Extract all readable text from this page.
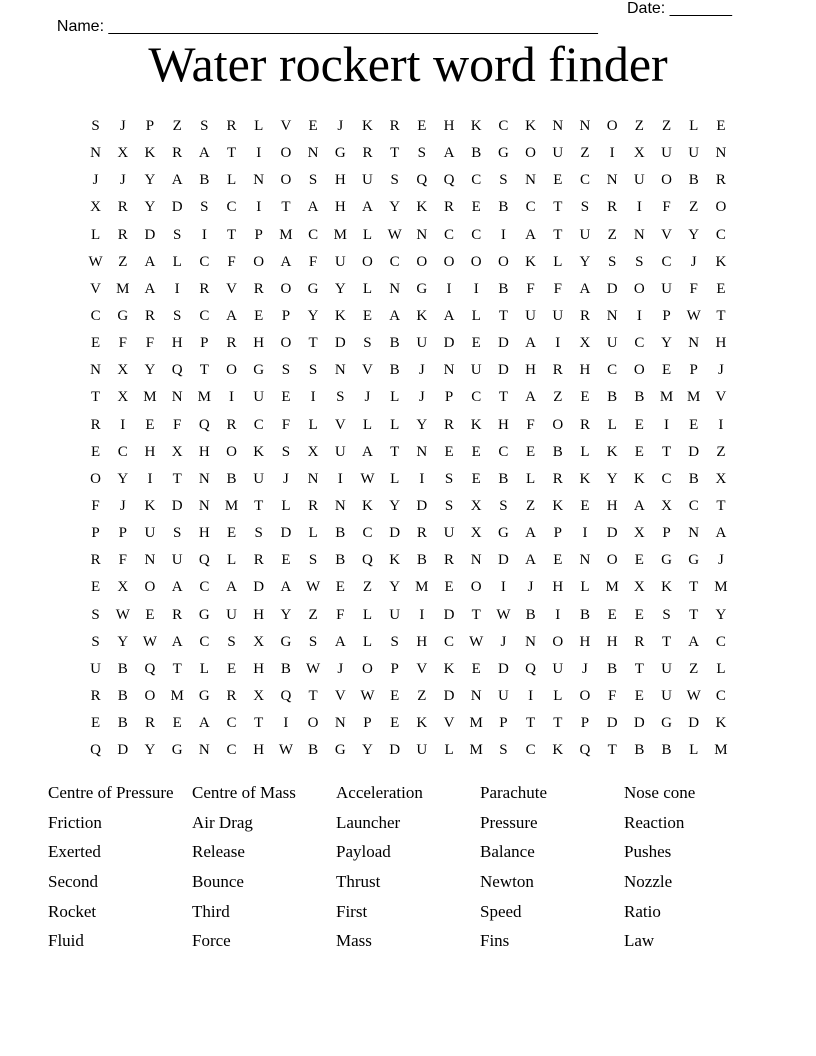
Name: _______________________________________________________

Date: _______

Water rockert word finder
S	J	P	Z	S	R	L	V	E	J	K	R	E	H	K	C	K	N	N	O	Z	Z	L	E
N	X	K	R	A	T	I	O	N	G	R	T	S	A	B	G	O	U	Z	I	X	U	U	N
J	J	Y	A	B	L	N	O	S	H	U	S	Q	Q	C	S	N	E	C	N	U	O	B	R
X	R	Y	D	S	C	I	T	A	H	A	Y	K	R	E	B	C	T	S	R	I	F	Z	O
L	R	D	S	I	T	P	M	C	M	L	W N	C	C	I	A	T	U	Z	N	V	Y	C
W	Z	A	L	C	F	O	A	F	U	O	C	O	O	O	O	K	L	Y	S	S	C	J	K
V	M	A	I	R	V	R	O	G	Y	L	N	G	I	I	B	F	F	A	D	O	U	F	E
C	G	R	S	C	A	E	P	Y	K	E	A	K	A	L	T	U	U	R	N	I	P	W	T
E	F	F	H	P	R	H	O	T	D	S	B	U	D	E	D	A	I	X	U	C	Y	N	H
N	X	Y	Q	T	O	G	S	S	N	V	B	J	N	U	D	H	R	H	C	O	E	P	J
T	X	M	N	M	I	U	E	I	S	J	L	J	P	C	T	A	Z	E	B	B	M M	V
R	I	E	F	Q	R	C	F	L	V	L	L	Y	R	K	H	F	O	R	L	E	I	E	I
E	C	H	X	H	O	K	S	X	U	A	T	N	E	E	C	E	B	L	K	E	T	D	Z
O	Y	I	T	N	B	U	J	N	I	W	L	I	S	E	B	L	R	K	Y	K	C	B	X
F	J	K	D	N	M	T	L	R	N	K	Y	D	S	X	S	Z	K	E	H	A	X	C	T
P	P	U	S	H	E	S	D	L	B	C	D	R	U	X	G	A	P	I	D	X	P	N	A
R	F	N	U	Q	L	R	E	S	B	Q	K	B	R	N	D	A	E	N	O	E	G	G	J
E	X	O	A	C	A	D	A W	E	Z	Y	M	E	O	I	J	H	L	M	X	K	T	M
S	W	E	R	G	U	H	Y	Z	F	L	U	I	D	T	W	B	I	B	E	E	S	T	Y
S	Y W A	C	S	X	G	S	A	L	S	H	C	W	J	N	O	H	H	R	T	A	C
U	B	Q	T	L	E	H	B	W	J	O	P	V	K	E	D	Q	U	J	B	T	U	Z	L
R	B	O	M	G	R	X	Q	T	V W	E	Z	D	N	U	I	L	O	F	E	U W	C
E	B	R	E	A	C	T	I	O	N	P	E	K	V	M	P	T	T	P	D	D	G	D	K
Q	D	Y	G	N	C	H W	B	G	Y	D	U	L	M	S	C	K	Q	T	B	B	L	M
Centre of Pressure	Centre of Mass	Acceleration	Parachute	Nose cone
Friction	Air Drag	Launcher	Pressure	Reaction
Exerted	Release	Payload	Balance	Pushes
Second	Bounce	Thrust	Newton	Nozzle
Rocket	Third	First	Speed	Ratio
Fluid	Force	Mass	Fins	Law
